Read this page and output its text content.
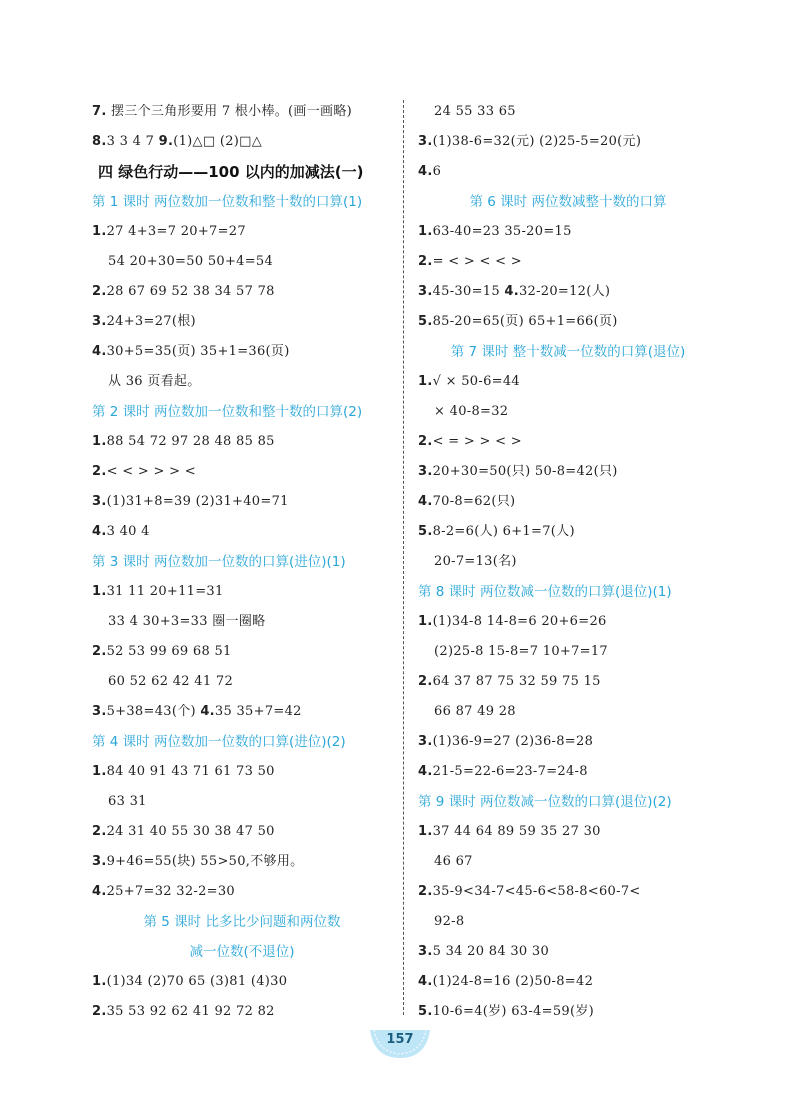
7. 摆三个三角形要用 7 根小棒。(画一画略)
8.3 3 4 7 9.(1)△□ (2)□△
四 绿色行动——100 以内的加减法(一)
第 1 课时 两位数加一位数和整十数的口算(1)
1.27 4+3=7 20+7=27
54 20+30=50 50+4=54
2.28 67 69 52 38 34 57 78
3.24+3=27(根)
4.30+5=35(页) 35+1=36(页)
从 36 页看起。
第 2 课时 两位数加一位数和整十数的口算(2)
1.88 54 72 97 28 48 85 85
2.< < > > > <
3.(1)31+8=39 (2)31+40=71
4.3 40 4
第 3 课时 两位数加一位数的口算(进位)(1)
1.31 11 20+11=31
33 4 30+3=33 圈一圈略
2.52 53 99 69 68 51
60 52 62 42 41 72
3.5+38=43(个) 4.35 35+7=42
第 4 课时 两位数加一位数的口算(进位)(2)
1.84 40 91 43 71 61 73 50
63 31
2.24 31 40 55 30 38 47 50
3.9+46=55(块) 55>50,不够用。
4.25+7=32 32-2=30
第 5 课时 比多比少问题和两位数
减一位数(不退位)
1.(1)34 (2)70 65 (3)81 (4)30
2.35 53 92 62 41 92 72 82
24 55 33 65
3.(1)38-6=32(元) (2)25-5=20(元)
4.6
第 6 课时 两位数减整十数的口算
1.63-40=23 35-20=15
2.= < > < < >
3.45-30=15 4.32-20=12(人)
5.85-20=65(页) 65+1=66(页)
第 7 课时 整十数减一位数的口算(退位)
1.√ × 50-6=44
× 40-8=32
2.< = > > < >
3.20+30=50(只) 50-8=42(只)
4.70-8=62(只)
5.8-2=6(人) 6+1=7(人)
20-7=13(名)
第 8 课时 两位数减一位数的口算(退位)(1)
1.(1)34-8 14-8=6 20+6=26
(2)25-8 15-8=7 10+7=17
2.64 37 87 75 32 59 75 15
66 87 49 28
3.(1)36-9=27 (2)36-8=28
4.21-5=22-6=23-7=24-8
第 9 课时 两位数减一位数的口算(退位)(2)
1.37 44 64 89 59 35 27 30
46 67
2.35-9<34-7<45-6<58-8<60-7<
92-8
3.5 34 20 84 30 30
4.(1)24-8=16 (2)50-8=42
5.10-6=4(岁) 63-4=59(岁)
157
